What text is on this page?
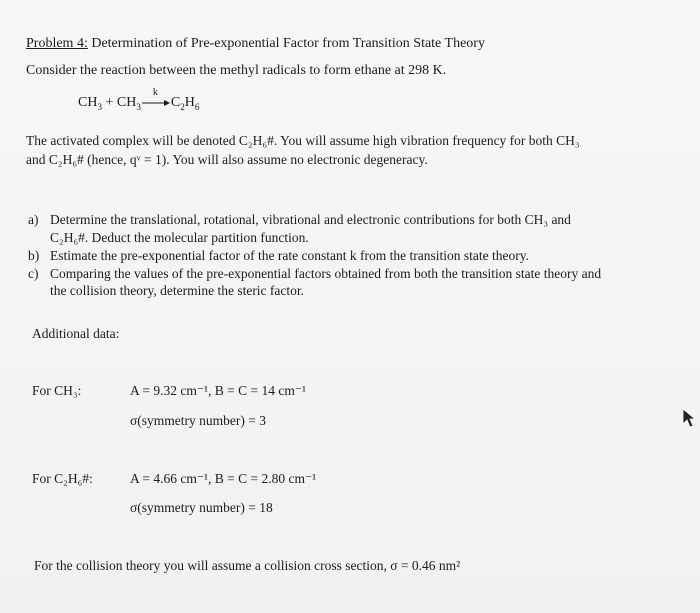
Problem 4: Determination of Pre-exponential Factor from Transition State Theory
Consider the reaction between the methyl radicals to form ethane at 298 K.
$CH_3 + CH_3$
k
$C_2H_6$
The activated complex will be denoted C₂H₆#. You will assume high vibration frequency for both CH₃
and C₂H₆# (hence, qᵛ = 1). You will also assume no electronic degeneracy.
a) Determine the translational, rotational, vibrational and electronic contributions for both CH₃ and
C₂H₆#. Deduct the molecular partition function.
b) Estimate the pre-exponential factor of the rate constant k from the transition state theory.
c) Comparing the values of the pre-exponential factors obtained from both the transition state theory and
the collision theory, determine the steric factor.
Additional data:
For CH₃:	A = 9.32 cm⁻¹, B = C = 14 cm⁻¹
σ(symmetry number) = 3
For C₂H₆#:	A = 4.66 cm⁻¹, B = C = 2.80 cm⁻¹
σ(symmetry number) = 18
For the collision theory you will assume a collision cross section, σ = 0.46 nm²
